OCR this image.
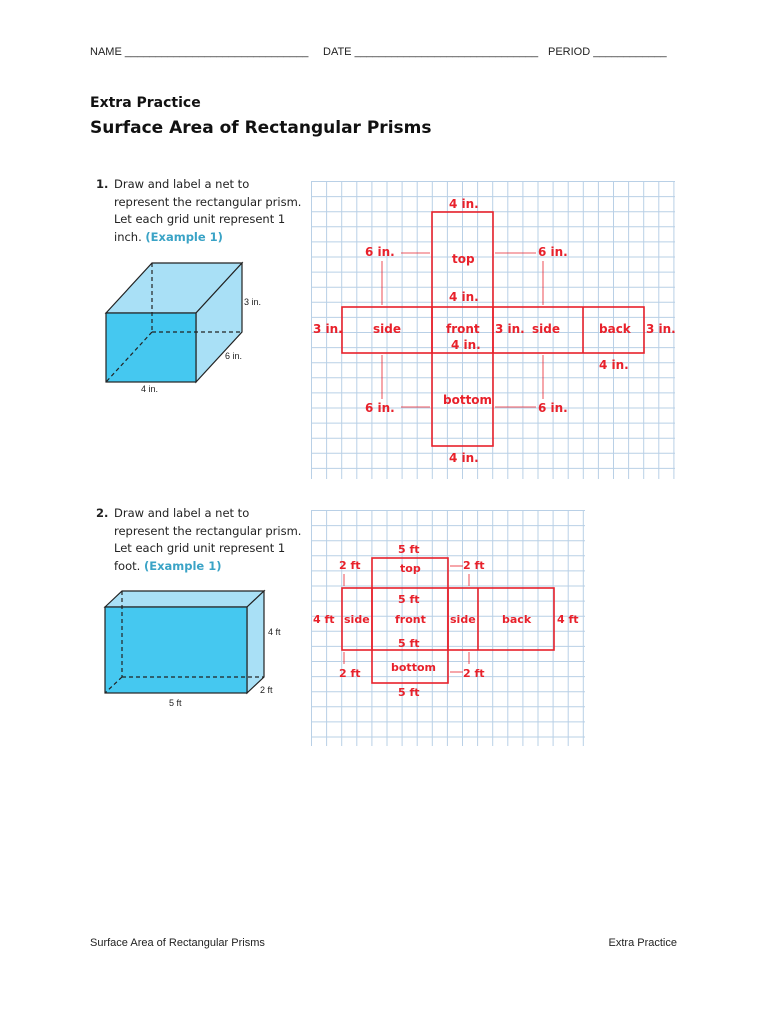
NAME ______________________________ DATE ______________________________ PERIOD ____________
Extra Practice
Surface Area of Rectangular Prisms
1. Draw and label a net to represent the rectangular prism. Let each grid unit represent 1 inch. (Example 1)
3 in.
6 in.
4 in.
4 in.
6 in.	6 in.
top
4 in.
3 in.	side	front 3 in. side	back 3 in.
4 in.
4 in.
bottom
6 in.	6 in.
4 in.
2. Draw and label a net to represent the rectangular prism. Let each grid unit represent 1 foot. (Example 1)
4 ft
2 ft
5 ft
5 ft
2 ft	2 ft
top
5 ft
4 ft side front side back 4 ft
5 ft
2 ft	2 ft
bottom
5 ft
Surface Area of Rectangular Prisms	Extra Practice
